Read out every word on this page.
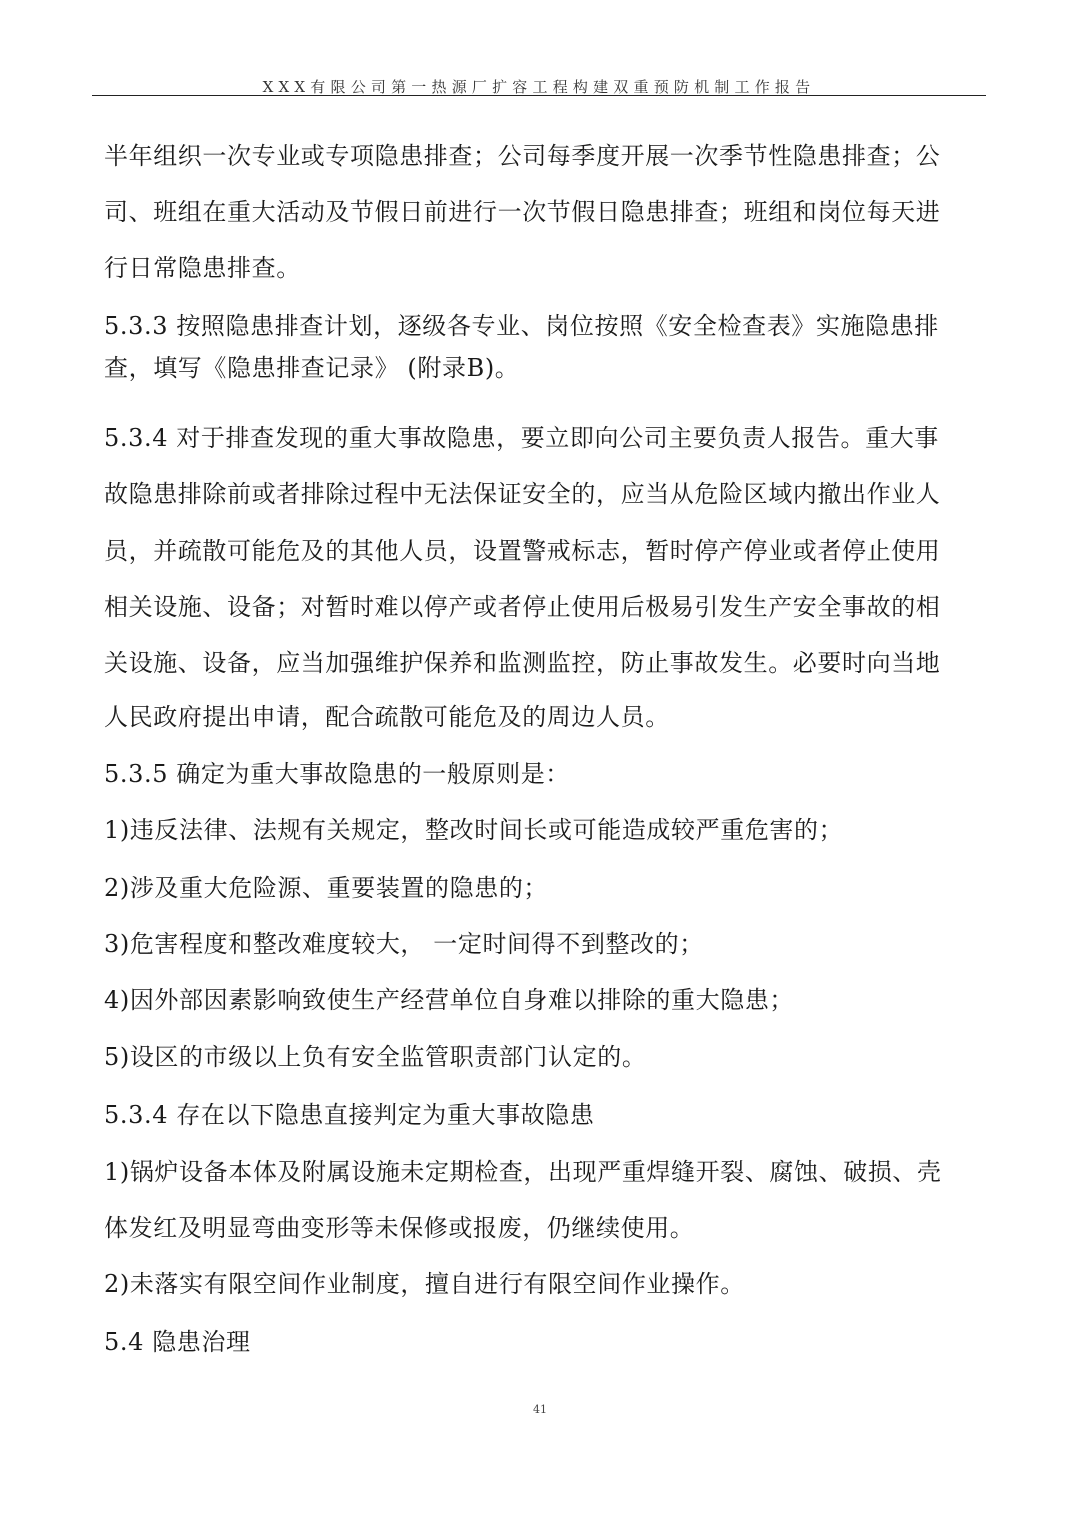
XXX有限公司第一热源厂扩容工程构建双重预防机制工作报告
半年组织一次专业或专项隐患排查；公司每季度开展一次季节性隐患排查；公
司、班组在重大活动及节假日前进行一次节假日隐患排查；班组和岗位每天进
行日常隐患排查。
5.3.3 按照隐患排查计划，逐级各专业、岗位按照《安全检查表》实施隐患排
查，填写《隐患排查记录》 (附录B)。
5.3.4 对于排查发现的重大事故隐患，要立即向公司主要负责人报告。重大事
故隐患排除前或者排除过程中无法保证安全的，应当从危险区域内撤出作业人
员，并疏散可能危及的其他人员，设置警戒标志，暂时停产停业或者停止使用
相关设施、设备；对暂时难以停产或者停止使用后极易引发生产安全事故的相
关设施、设备，应当加强维护保养和监测监控，防止事故发生。必要时向当地
人民政府提出申请，配合疏散可能危及的周边人员。
5.3.5 确定为重大事故隐患的一般原则是：
1)违反法律、法规有关规定，整改时间长或可能造成较严重危害的；
2)涉及重大危险源、重要装置的隐患的；
3)危害程度和整改难度较大， 一定时间得不到整改的；
4)因外部因素影响致使生产经营单位自身难以排除的重大隐患；
5)设区的市级以上负有安全监管职责部门认定的。
5.3.4 存在以下隐患直接判定为重大事故隐患
1)锅炉设备本体及附属设施未定期检查，出现严重焊缝开裂、腐蚀、破损、壳
体发红及明显弯曲变形等未保修或报废，仍继续使用。
2)未落实有限空间作业制度，擅自进行有限空间作业操作。
5.4 隐患治理
41
